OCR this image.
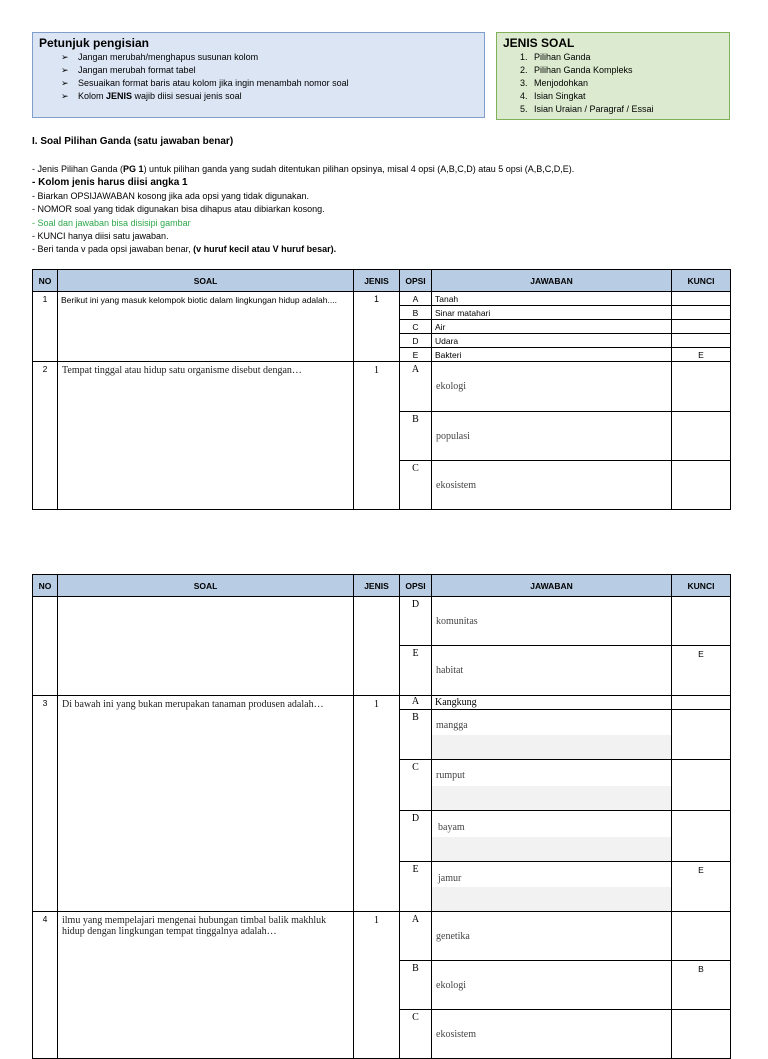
Petunjuk pengisian
➢ Jangan merubah/menghapus susunan kolom
➢ Jangan merubah format tabel
➢ Sesuaikan format baris atau kolom jika ingin menambah nomor soal
➢ Kolom JENIS wajib diisi sesuai jenis soal
JENIS SOAL
1. Pilihan Ganda
2. Pilihan Ganda Kompleks
3. Menjodohkan
4. Isian Singkat
5. Isian Uraian / Paragraf / Essai
I. Soal Pilihan Ganda (satu jawaban benar)
- Jenis Pilihan Ganda (PG 1) untuk pilihan ganda yang sudah ditentukan pilihan opsinya, misal 4 opsi (A,B,C,D) atau 5 opsi (A,B,C,D,E).
- Kolom jenis harus diisi angka 1
- Biarkan OPSIJAWABAN kosong jika ada opsi yang tidak digunakan.
- NOMOR soal yang tidak digunakan bisa dihapus atau dibiarkan kosong.
- Soal dan jawaban bisa disisipi gambar
- KUNCI hanya diisi satu jawaban.
- Beri tanda v pada opsi jawaban benar, (v huruf kecil atau V huruf besar).
NO	SOAL	JENIS	OPSI	JAWABAN	KUNCI
1	Berikut ini yang masuk kelompok biotic dalam lingkungan hidup adalah....	1	A	Tanah	
			B	Sinar matahari	
			C	Air	
			D	Udara	
			E	Bakteri	E
2	Tempat tinggal atau hidup satu organisme disebut dengan…	1	A	ekologi	
			B	populasi	
			C	ekosistem	
NO	SOAL	JENIS	OPSI	JAWABAN	KUNCI
			D	komunitas	
			E	habitat	E
3	Di bawah ini yang bukan merupakan tanaman produsen adalah…	1	A	Kangkung	
			B	mangga	

			C	rumput	

			D	bayam	

			E	jamur	E
4	ilmu yang mempelajari mengenai hubungan timbal balik makhluk hidup dengan lingkungan tempat tinggalnya adalah…	1	A	genetika	
			B	ekologi	B
			C	ekosistem	
